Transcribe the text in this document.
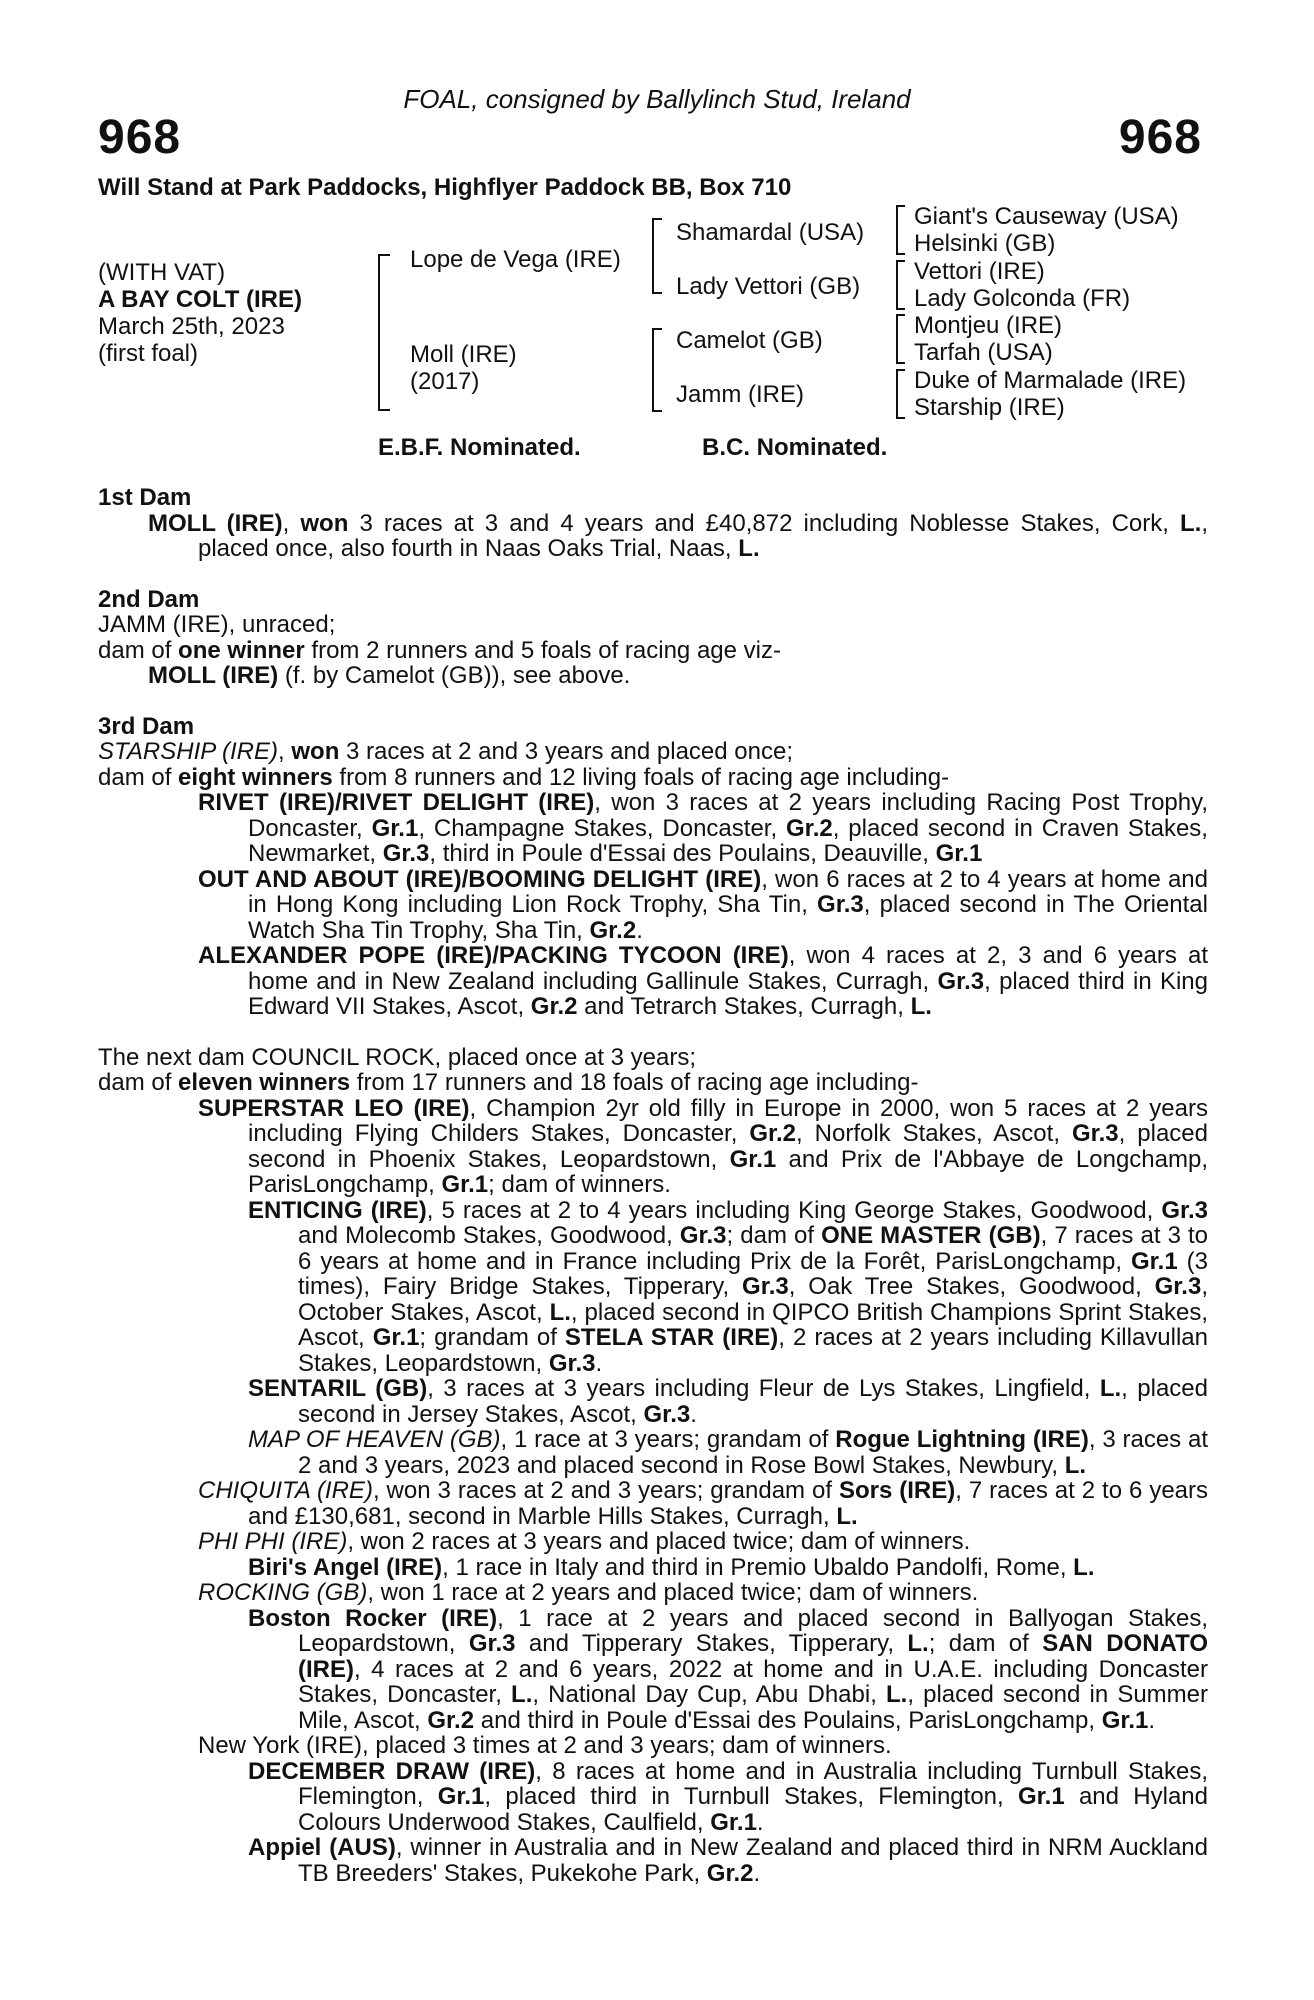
FOAL, consigned by Ballylinch Stud, Ireland
968	968
Will Stand at Park Paddocks, Highflyer Paddock BB, Box 710
(WITH VAT)
A BAY COLT (IRE)
March 25th, 2023
(first foal)
Lope de Vega (IRE)
Moll (IRE)
(2017)
Shamardal (USA)
Lady Vettori (GB)
Camelot (GB)
Jamm (IRE)
Giant's Causeway (USA)
Helsinki (GB)
Vettori (IRE)
Lady Golconda (FR)
Montjeu (IRE)
Tarfah (USA)
Duke of Marmalade (IRE)
Starship (IRE)
E.B.F. Nominated.	B.C. Nominated.

1st Dam

MOLL (IRE), won 3 races at 3 and 4 years and £40,872 including Noblesse Stakes, Cork, L., placed once, also fourth in Naas Oaks Trial, Naas, L.

2nd Dam

JAMM (IRE), unraced;

dam of one winner from 2 runners and 5 foals of racing age viz-

MOLL (IRE) (f. by Camelot (GB)), see above.

3rd Dam

STARSHIP (IRE), won 3 races at 2 and 3 years and placed once;

dam of eight winners from 8 runners and 12 living foals of racing age including-

RIVET (IRE)/RIVET DELIGHT (IRE), won 3 races at 2 years including Racing Post Trophy, Doncaster, Gr.1, Champagne Stakes, Doncaster, Gr.2, placed second in Craven Stakes, Newmarket, Gr.3, third in Poule d'Essai des Poulains, Deauville, Gr.1

OUT AND ABOUT (IRE)/BOOMING DELIGHT (IRE), won 6 races at 2 to 4 years at home and in Hong Kong including Lion Rock Trophy, Sha Tin, Gr.3, placed second in The Oriental Watch Sha Tin Trophy, Sha Tin, Gr.2.

ALEXANDER POPE (IRE)/PACKING TYCOON (IRE), won 4 races at 2, 3 and 6 years at home and in New Zealand including Gallinule Stakes, Curragh, Gr.3, placed third in King Edward VII Stakes, Ascot, Gr.2 and Tetrarch Stakes, Curragh, L.

The next dam COUNCIL ROCK, placed once at 3 years;

dam of eleven winners from 17 runners and 18 foals of racing age including-

SUPERSTAR LEO (IRE), Champion 2yr old filly in Europe in 2000, won 5 races at 2 years including Flying Childers Stakes, Doncaster, Gr.2, Norfolk Stakes, Ascot, Gr.3, placed second in Phoenix Stakes, Leopardstown, Gr.1 and Prix de l'Abbaye de Longchamp, ParisLongchamp, Gr.1; dam of winners.

ENTICING (IRE), 5 races at 2 to 4 years including King George Stakes, Goodwood, Gr.3 and Molecomb Stakes, Goodwood, Gr.3; dam of ONE MASTER (GB), 7 races at 3 to 6 years at home and in France including Prix de la Forêt, ParisLongchamp, Gr.1 (3 times), Fairy Bridge Stakes, Tipperary, Gr.3, Oak Tree Stakes, Goodwood, Gr.3, October Stakes, Ascot, L., placed second in QIPCO British Champions Sprint Stakes, Ascot, Gr.1; grandam of STELA STAR (IRE), 2 races at 2 years including Killavullan Stakes, Leopardstown, Gr.3.

SENTARIL (GB), 3 races at 3 years including Fleur de Lys Stakes, Lingfield, L., placed second in Jersey Stakes, Ascot, Gr.3.

MAP OF HEAVEN (GB), 1 race at 3 years; grandam of Rogue Lightning (IRE), 3 races at 2 and 3 years, 2023 and placed second in Rose Bowl Stakes, Newbury, L.

CHIQUITA (IRE), won 3 races at 2 and 3 years; grandam of Sors (IRE), 7 races at 2 to 6 years and £130,681, second in Marble Hills Stakes, Curragh, L.

PHI PHI (IRE), won 2 races at 3 years and placed twice; dam of winners.

Biri's Angel (IRE), 1 race in Italy and third in Premio Ubaldo Pandolfi, Rome, L.

ROCKING (GB), won 1 race at 2 years and placed twice; dam of winners.

Boston Rocker (IRE), 1 race at 2 years and placed second in Ballyogan Stakes, Leopardstown, Gr.3 and Tipperary Stakes, Tipperary, L.; dam of SAN DONATO (IRE), 4 races at 2 and 6 years, 2022 at home and in U.A.E. including Doncaster Stakes, Doncaster, L., National Day Cup, Abu Dhabi, L., placed second in Summer Mile, Ascot, Gr.2 and third in Poule d'Essai des Poulains, ParisLongchamp, Gr.1.

New York (IRE), placed 3 times at 2 and 3 years; dam of winners.

DECEMBER DRAW (IRE), 8 races at home and in Australia including Turnbull Stakes, Flemington, Gr.1, placed third in Turnbull Stakes, Flemington, Gr.1 and Hyland Colours Underwood Stakes, Caulfield, Gr.1.

Appiel (AUS), winner in Australia and in New Zealand and placed third in NRM Auckland TB Breeders' Stakes, Pukekohe Park, Gr.2.
